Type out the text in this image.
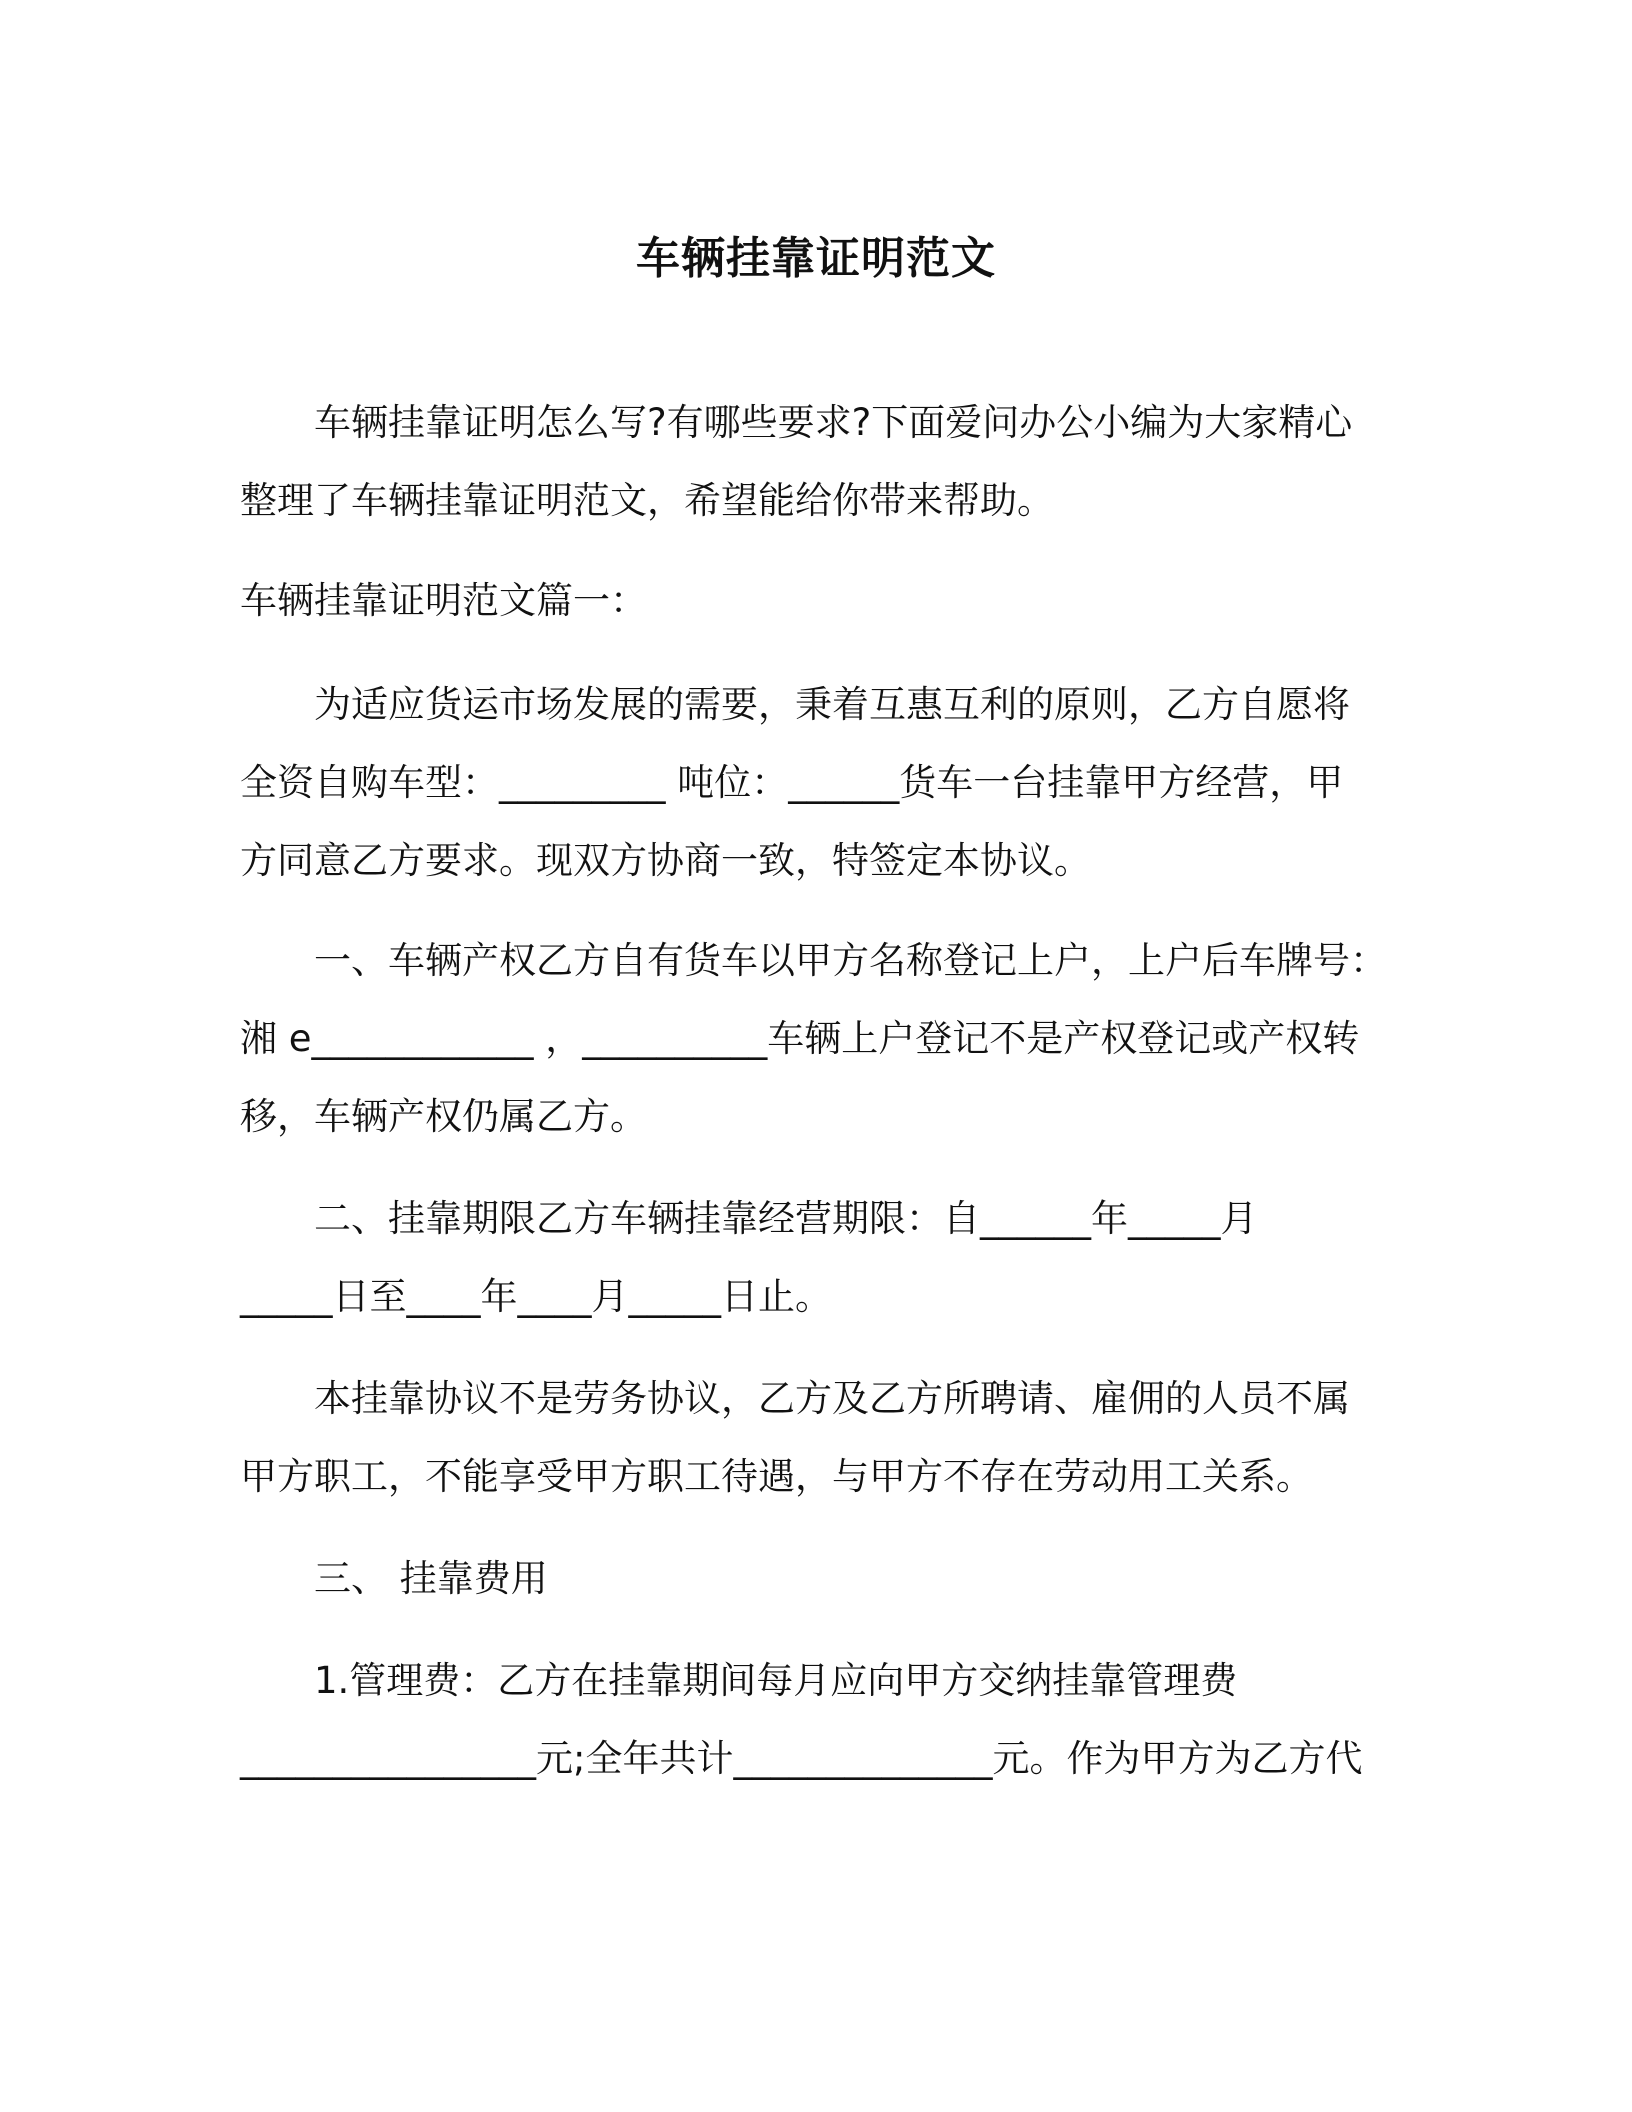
车辆挂靠证明范文
车辆挂靠证明怎么写?有哪些要求?下面爱问办公小编为大家精心
整理了车辆挂靠证明范文，希望能给你带来帮助。
车辆挂靠证明范文篇一：
为适应货运市场发展的需要，秉着互惠互利的原则，乙方自愿将
全资自购车型：_________ 吨位：______货车一台挂靠甲方经营，甲
方同意乙方要求。现双方协商一致，特签定本协议。
一、车辆产权乙方自有货车以甲方名称登记上户，上户后车牌号：
湘 e____________ ，__________车辆上户登记不是产权登记或产权转
移，车辆产权仍属乙方。
二、挂靠期限乙方车辆挂靠经营期限：自______年_____月
_____日至____年____月_____日止。
本挂靠协议不是劳务协议，乙方及乙方所聘请、雇佣的人员不属
甲方职工，不能享受甲方职工待遇，与甲方不存在劳动用工关系。
三、 挂靠费用
1.管理费：乙方在挂靠期间每月应向甲方交纳挂靠管理费
________________元;全年共计______________元。作为甲方为乙方代
